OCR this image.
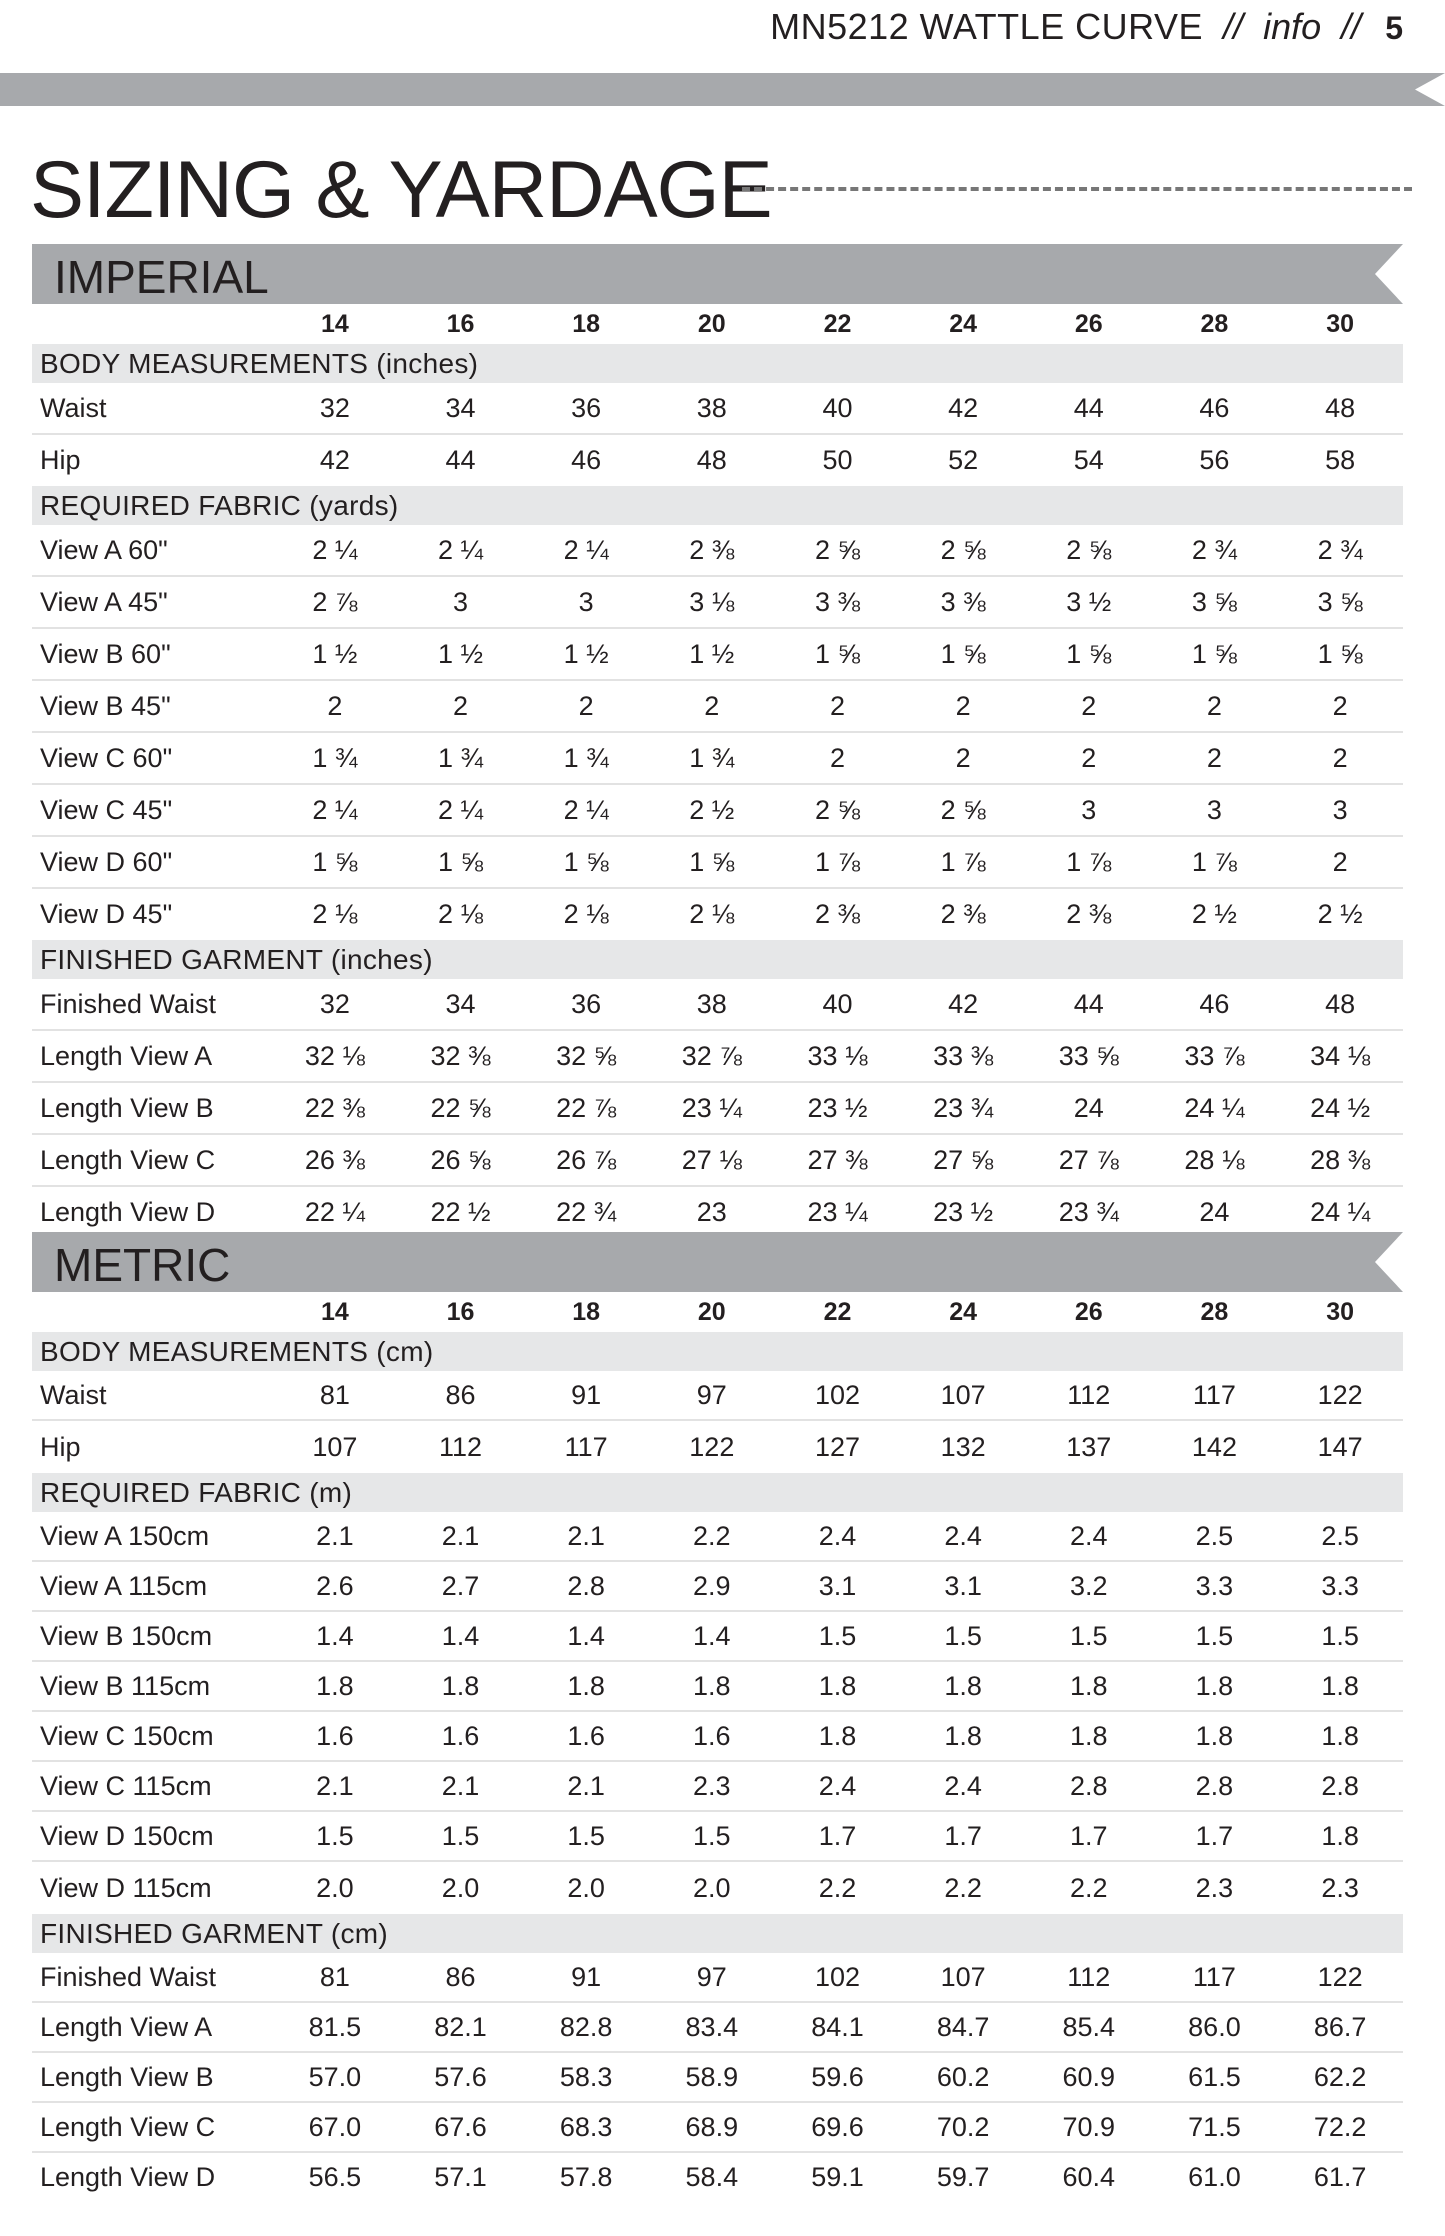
MN5212 WATTLE CURVE // info // 5
SIZING & YARDAGE
IMPERIAL
	14	16	18	20	22	24	26	28	30
BODY MEASUREMENTS (inches)									
Waist	32	34	36	38	40	42	44	46	48
Hip	42	44	46	48	50	52	54	56	58
REQUIRED FABRIC (yards)									
View A 60"	2 ¼	2 ¼	2 ¼	2 ⅜	2 ⅝	2 ⅝	2 ⅝	2 ¾	2 ¾
View A 45"	2 ⅞	3	3	3 ⅛	3 ⅜	3 ⅜	3 ½	3 ⅝	3 ⅝
View B 60"	1 ½	1 ½	1 ½	1 ½	1 ⅝	1 ⅝	1 ⅝	1 ⅝	1 ⅝
View B 45"	2	2	2	2	2	2	2	2	2
View C 60"	1 ¾	1 ¾	1 ¾	1 ¾	2	2	2	2	2
View C 45"	2 ¼	2 ¼	2 ¼	2 ½	2 ⅝	2 ⅝	3	3	3
View D 60"	1 ⅝	1 ⅝	1 ⅝	1 ⅝	1 ⅞	1 ⅞	1 ⅞	1 ⅞	2
View D 45"	2 ⅛	2 ⅛	2 ⅛	2 ⅛	2 ⅜	2 ⅜	2 ⅜	2 ½	2 ½
FINISHED GARMENT (inches)									
Finished Waist	32	34	36	38	40	42	44	46	48
Length View A	32 ⅛	32 ⅜	32 ⅝	32 ⅞	33 ⅛	33 ⅜	33 ⅝	33 ⅞	34 ⅛
Length View B	22 ⅜	22 ⅝	22 ⅞	23 ¼	23 ½	23 ¾	24	24 ¼	24 ½
Length View C	26 ⅜	26 ⅝	26 ⅞	27 ⅛	27 ⅜	27 ⅝	27 ⅞	28 ⅛	28 ⅜
Length View D	22 ¼	22 ½	22 ¾	23	23 ¼	23 ½	23 ¾	24	24 ¼
METRIC
	14	16	18	20	22	24	26	28	30
BODY MEASUREMENTS (cm)									
Waist	81	86	91	97	102	107	112	117	122
Hip	107	112	117	122	127	132	137	142	147
REQUIRED FABRIC (m)									
View A 150cm	2.1	2.1	2.1	2.2	2.4	2.4	2.4	2.5	2.5
View A 115cm	2.6	2.7	2.8	2.9	3.1	3.1	3.2	3.3	3.3
View B 150cm	1.4	1.4	1.4	1.4	1.5	1.5	1.5	1.5	1.5
View B 115cm	1.8	1.8	1.8	1.8	1.8	1.8	1.8	1.8	1.8
View C 150cm	1.6	1.6	1.6	1.6	1.8	1.8	1.8	1.8	1.8
View C 115cm	2.1	2.1	2.1	2.3	2.4	2.4	2.8	2.8	2.8
View D 150cm	1.5	1.5	1.5	1.5	1.7	1.7	1.7	1.7	1.8
View D 115cm	2.0	2.0	2.0	2.0	2.2	2.2	2.2	2.3	2.3
FINISHED GARMENT (cm)									
Finished Waist	81	86	91	97	102	107	112	117	122
Length View A	81.5	82.1	82.8	83.4	84.1	84.7	85.4	86.0	86.7
Length View B	57.0	57.6	58.3	58.9	59.6	60.2	60.9	61.5	62.2
Length View C	67.0	67.6	68.3	68.9	69.6	70.2	70.9	71.5	72.2
Length View D	56.5	57.1	57.8	58.4	59.1	59.7	60.4	61.0	61.7
